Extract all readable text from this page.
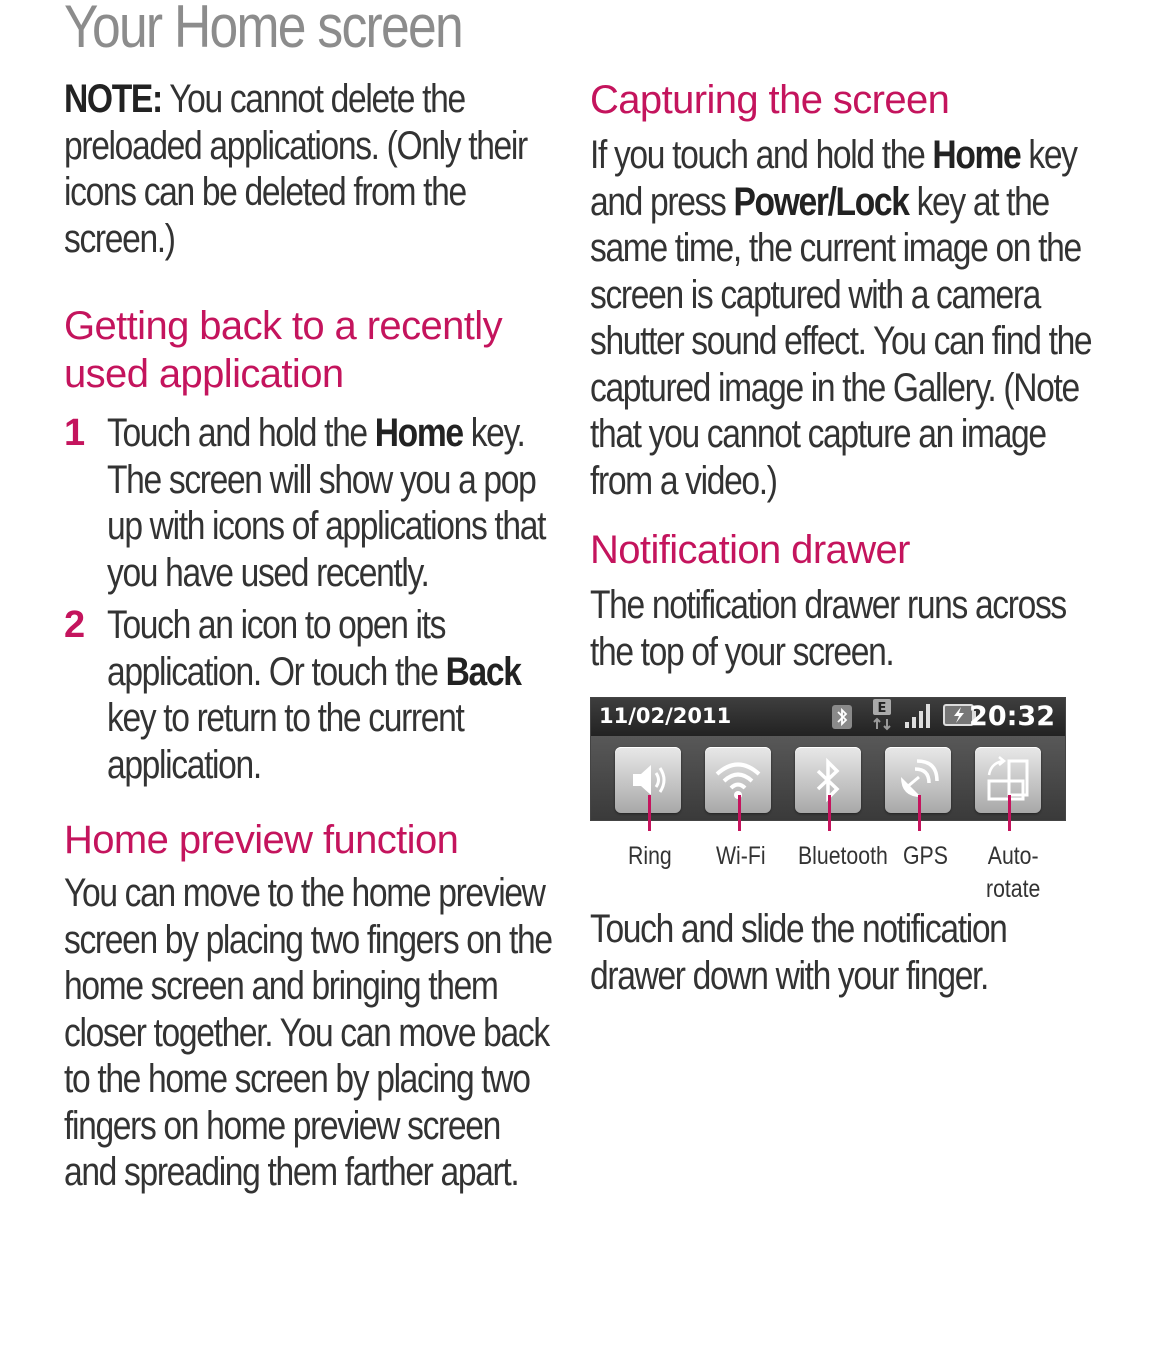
Your Home screen
NOTE: You cannot delete the preloaded applications. (Only their icons can be deleted from the screen.)
Getting back to a recently used application
1 Touch and hold the Home key. The screen will show you a pop up with icons of applications that you have used recently.
2 Touch an icon to open its application. Or touch the Back key to return to the current application.
Home preview function
You can move to the home preview screen by placing two fingers on the home screen and bringing them closer together. You can move back to the home screen by placing two fingers on home preview screen and spreading them farther apart.
Capturing the screen
If you touch and hold the Home key and press Power/Lock key at the same time, the current image on the screen is captured with a camera shutter sound effect. You can find the captured image in the Gallery. (Note that you cannot capture an image from a video.)
Notification drawer
The notification drawer runs across the top of your screen.
11/02/2011	E	20:32
Ring Wi-Fi Bluetooth GPS Auto-
rotate
Touch and slide the notification drawer down with your finger.
